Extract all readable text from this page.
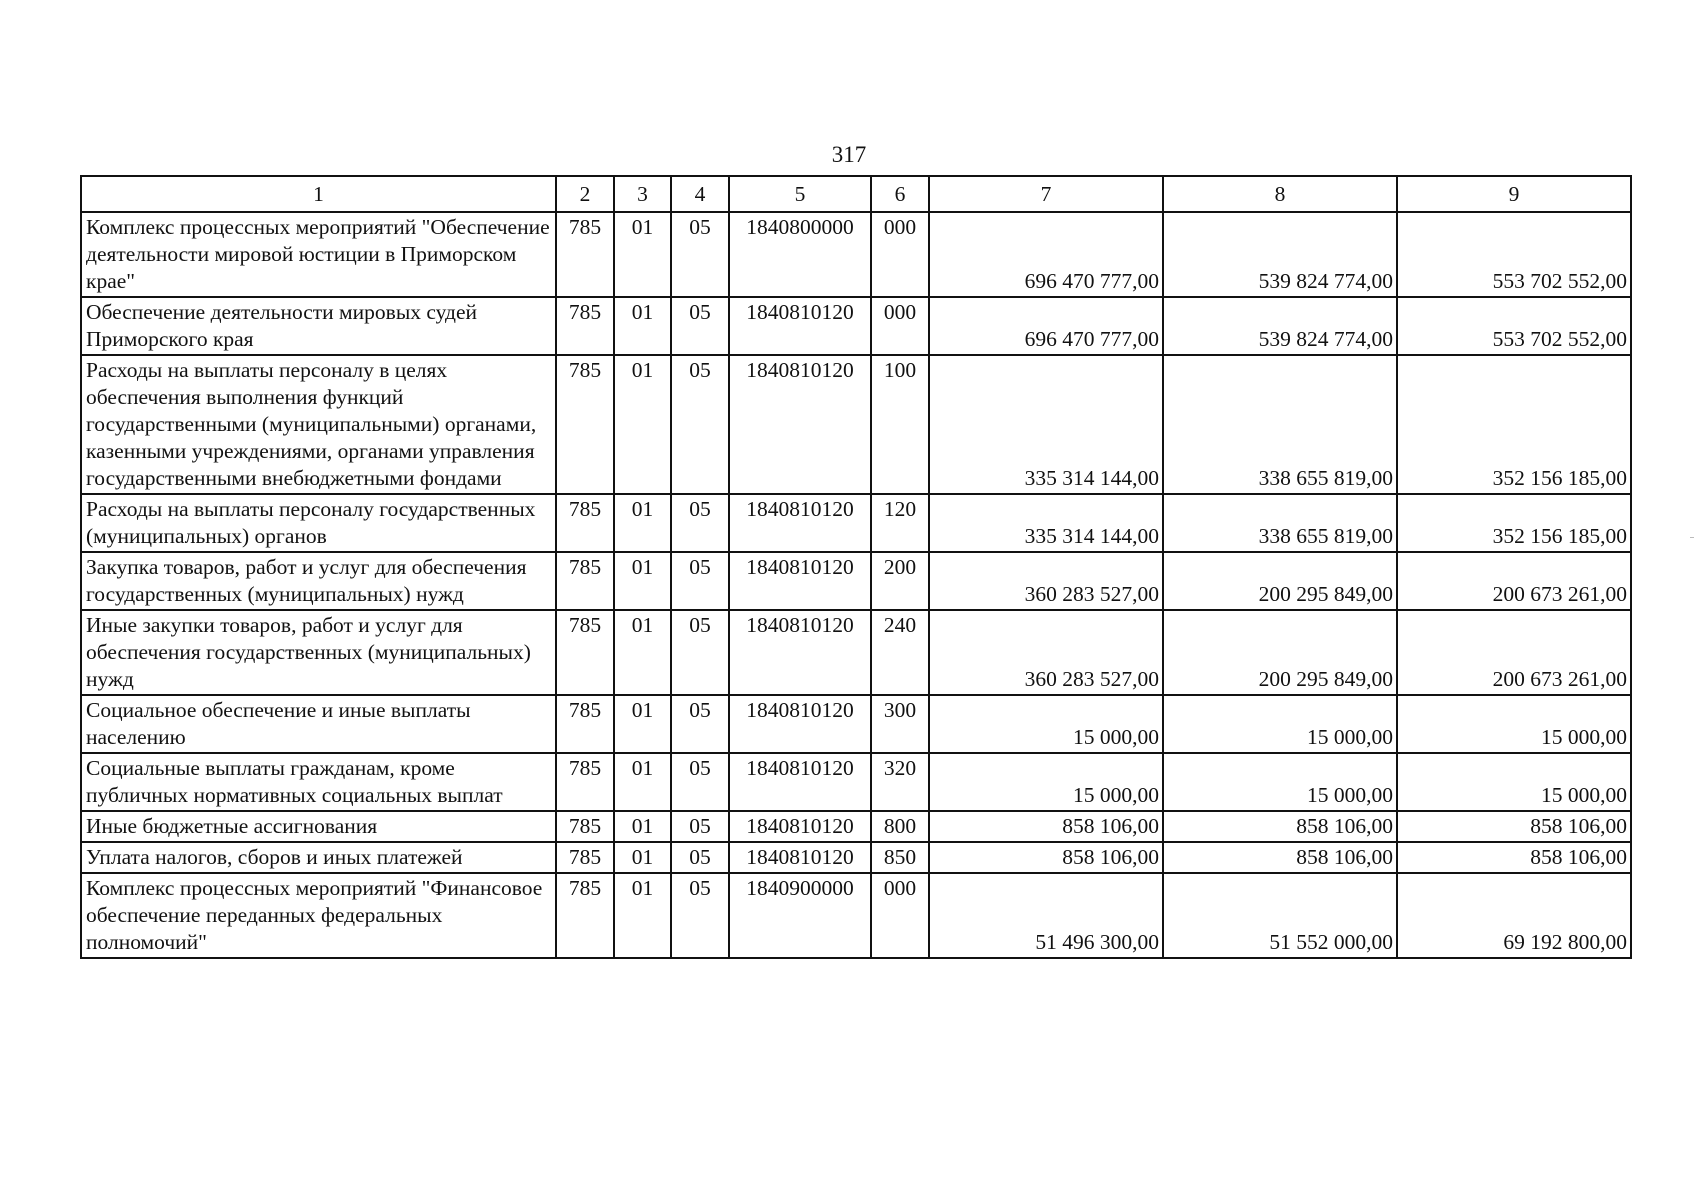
317
1	2	3	4	5	6	7	8	9
Комплекс процессных мероприятий "Обеспечение деятельности мировой юстиции в Приморском крае"	785	01	05	1840800000	000	696 470 777,00	539 824 774,00	553 702 552,00
Обеспечение деятельности мировых судей Приморского края	785	01	05	1840810120	000	696 470 777,00	539 824 774,00	553 702 552,00
Расходы на выплаты персоналу в целях обеспечения выполнения функций государственными (муниципальными) органами, казенными учреждениями, органами управления государственными внебюджетными фондами	785	01	05	1840810120	100	335 314 144,00	338 655 819,00	352 156 185,00
Расходы на выплаты персоналу государственных (муниципальных) органов	785	01	05	1840810120	120	335 314 144,00	338 655 819,00	352 156 185,00
Закупка товаров, работ и услуг для обеспечения государственных (муниципальных) нужд	785	01	05	1840810120	200	360 283 527,00	200 295 849,00	200 673 261,00
Иные закупки товаров, работ и услуг для обеспечения государственных (муниципальных) нужд	785	01	05	1840810120	240	360 283 527,00	200 295 849,00	200 673 261,00
Социальное обеспечение и иные выплаты населению	785	01	05	1840810120	300	15 000,00	15 000,00	15 000,00
Социальные выплаты гражданам, кроме публичных нормативных социальных выплат	785	01	05	1840810120	320	15 000,00	15 000,00	15 000,00
Иные бюджетные ассигнования	785	01	05	1840810120	800	858 106,00	858 106,00	858 106,00
Уплата налогов, сборов и иных платежей	785	01	05	1840810120	850	858 106,00	858 106,00	858 106,00
Комплекс процессных мероприятий "Финансовое обеспечение переданных федеральных полномочий"	785	01	05	1840900000	000	51 496 300,00	51 552 000,00	69 192 800,00
